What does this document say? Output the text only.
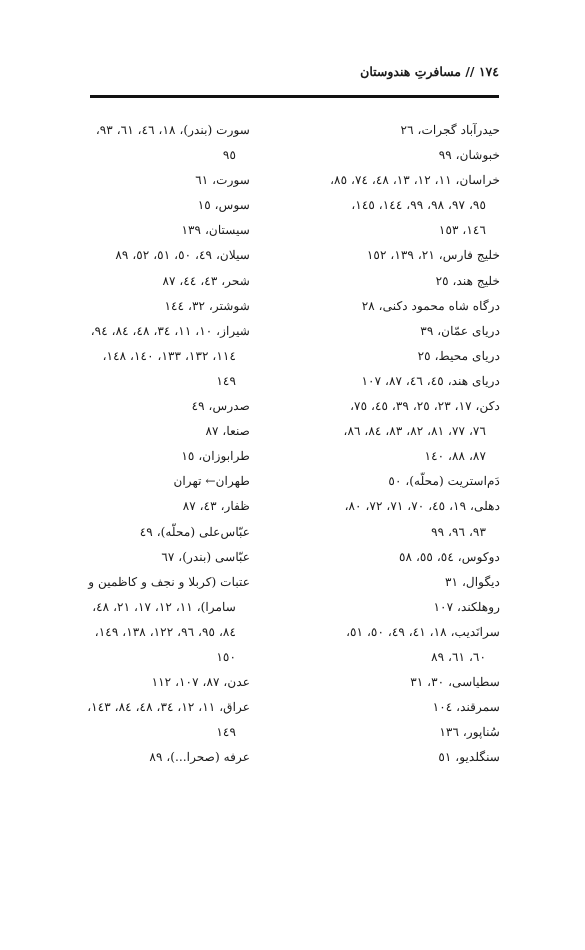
١٧٤ // مسافرتِ هندوستان
حیدرآباد گجرات، ٢٦
خبوشان، ٩٩
خراسان، ١١، ١٢، ١٣، ٤٨، ٧٤، ٨٥،
٩٥، ٩٧، ٩٨، ٩٩، ١٤٤، ١٤٥،
١٤٦، ١٥٣
خلیج فارس، ٢١، ١٣٩، ١٥٢
خلیج هند، ٢٥
درگاه شاه محمود دکنی، ٢٨
دریای عمّان، ٣٩
دریای محیط، ٢٥
دریای هند، ٤٥، ٤٦، ٨٧، ١٠٧
دکن، ١٧، ٢٣، ٢٥، ٣٩، ٤٥، ٧٥،
٧٦، ٧٧، ٨١، ٨٢، ٨٣، ٨٤، ٨٦،
٨٧، ٨٨، ١٤٠
دَم‌استریت (محلّه)، ٥٠
دهلی، ١٩، ٤٥، ٧٠، ٧١، ٧٢، ٨٠،
٩٣، ٩٦، ٩٩
دوکوس، ٥٤، ٥٥، ٥٨
دیگوال، ٣١
روهلکند، ١٠٧
سرانَدیب، ١٨، ٤١، ٤٩، ٥٠، ٥١،
٦٠، ٦١، ٨٩
سطیاسی، ٣٠، ٣١
سمرقند، ١٠٤
سُناپور، ١٣٦
سنگلدیو، ٥١
سورت (بندر)، ١٨، ٤٦، ٦١، ٩٣،
٩٥
سورت، ٦١
سوس، ١٥
سیستان، ١٣٩
سیلان، ٤٩، ٥٠، ٥١، ٥٢، ٨٩
شحر، ٤٣، ٤٤، ٨٧
شوشتر، ٣٢، ١٤٤
شیراز، ١٠، ١١، ٣٤، ٤٨، ٨٤، ٩٤،
١١٤، ١٣٢، ١٣٣، ١٤٠، ١٤٨،
١٤٩
صدرس، ٤٩
صنعا، ٨٧
طرابوزان، ١٥
طهران← تهران
ظفار، ٤٣، ٨٧
عبّاس‌علی (محلّه)، ٤٩
عبّاسی (بندر)، ٦٧
عتبات (کربلا و نجف و کاظمین و
سامرا)، ١١، ١٢، ١٧، ٢١، ٤٨،
٨٤، ٩٥، ٩٦، ١٢٢، ١٣٨، ١٤٩،
١٥٠
عدن، ٨٧، ١٠٧، ١١٢
عراق، ١١، ١٢، ٣٤، ٤٨، ٨٤، ١٤٣،
١٤٩
عرفه (صحرا...)، ٨٩
